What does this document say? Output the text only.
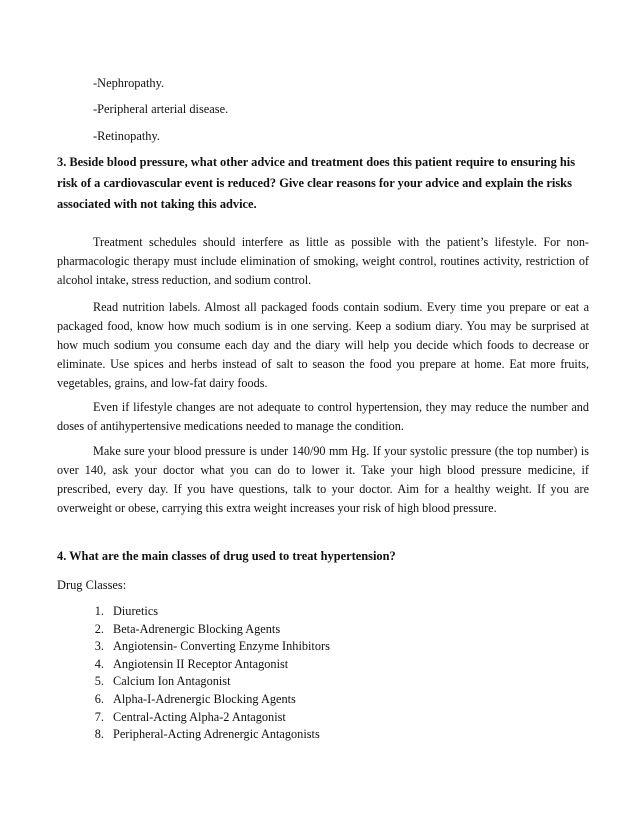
-Nephropathy.
-Peripheral arterial disease.
-Retinopathy.
3. Beside blood pressure, what other advice and treatment does this patient require to ensuring his risk of a cardiovascular event is reduced? Give clear reasons for your advice and explain the risks associated with not taking this advice.
Treatment schedules should interfere as little as possible with the patient’s lifestyle. For non-pharmacologic therapy must include elimination of smoking, weight control, routines activity, restriction of alcohol intake, stress reduction, and sodium control.
Read nutrition labels. Almost all packaged foods contain sodium. Every time you prepare or eat a packaged food, know how much sodium is in one serving. Keep a sodium diary. You may be surprised at how much sodium you consume each day and the diary will help you decide which foods to decrease or eliminate. Use spices and herbs instead of salt to season the food you prepare at home. Eat more fruits, vegetables, grains, and low-fat dairy foods.
Even if lifestyle changes are not adequate to control hypertension, they may reduce the number and doses of antihypertensive medications needed to manage the condition.
Make sure your blood pressure is under 140/90 mm Hg. If your systolic pressure (the top number) is over 140, ask your doctor what you can do to lower it. Take your high blood pressure medicine, if prescribed, every day. If you have questions, talk to your doctor. Aim for a healthy weight. If you are overweight or obese, carrying this extra weight increases your risk of high blood pressure.
4. What are the main classes of drug used to treat hypertension?
Drug Classes:
1. Diuretics
2. Beta-Adrenergic Blocking Agents
3. Angiotensin- Converting Enzyme Inhibitors
4. Angiotensin II Receptor Antagonist
5. Calcium Ion Antagonist
6. Alpha-I-Adrenergic Blocking Agents
7. Central-Acting Alpha-2 Antagonist
8. Peripheral-Acting Adrenergic Antagonists
